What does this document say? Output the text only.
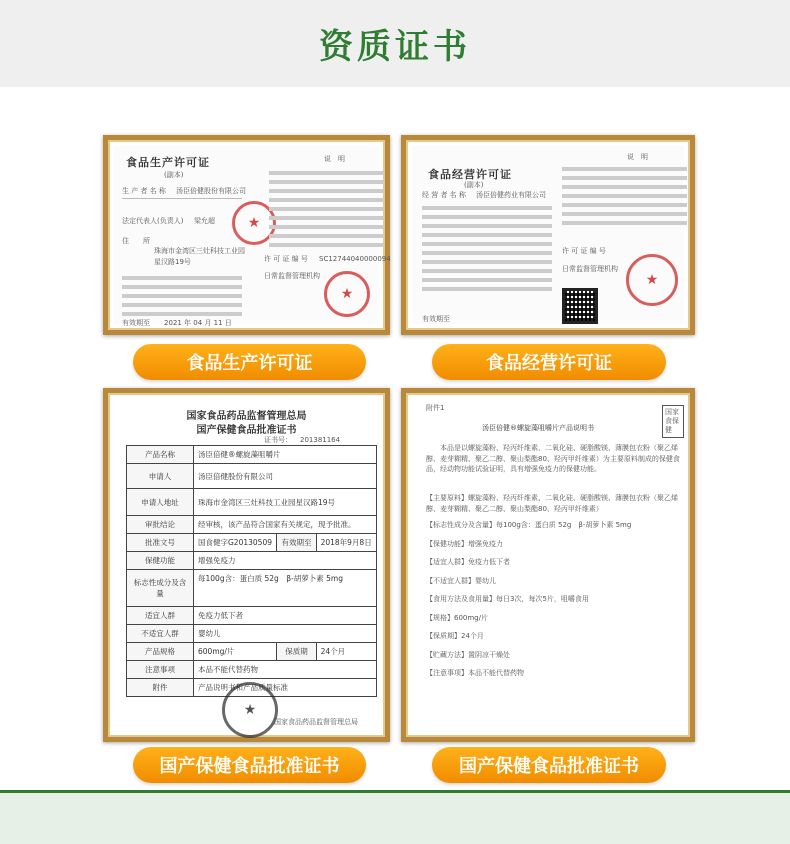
资质证书
食品生产许可证
(副本)
生 产 者 名 称 汤臣倍健股份有限公司
法定代表人(负责人) 梁允超
住　　所
珠海市金湾区三灶科技工业园星汉路19号
★
说　明
许 可 证 编 号 SC12744040000094
日常监督管理机构
★
有效期至 2021 年 04 月 11 日
食品生产许可证
食品经营许可证
(副本)
经 营 者 名 称 汤臣倍健药业有限公司
说　明
许 可 证 编 号
日常监督管理机构
★
有效期至
食品经营许可证
国家食品药品监督管理总局
国产保健食品批准证书
证书号： 201381164
产品名称	汤臣倍健®螺旋藻咀嚼片		
申请人	汤臣倍健股份有限公司		
申请人地址	珠海市金湾区三灶科技工业园星汉路19号		
审批结论	经审核，该产品符合国家有关规定，现予批准。		
批准文号	国食健字G20130509	有效期至	2018年9月8日
保健功能	增强免疫力		
标志性成分及含量	每100g含：蛋白质 52g　β-胡萝卜素 5mg		
适宜人群	免疫力低下者		
不适宜人群	婴幼儿		
产品规格	600mg/片	保质期	24个月
注意事项	本品不能代替药物		
附件	产品说明书和产品质量标准		
★
国家食品药品监督管理总局
国产保健食品批准证书
附件1	国家食保健
汤臣倍健®螺旋藻咀嚼片产品说明书
本品是以螺旋藻粉、羟丙纤维素、二氧化硅、硬脂酸镁、薄膜包衣粉（聚乙烯醇、麦芽糊精、聚乙二醇、聚山梨酯80、羟丙甲纤维素）为主要原料制成的保健食品，经动物功能试验证明，具有增强免疫力的保健功能。
【主要原料】螺旋藻粉、羟丙纤维素、二氧化硅、硬脂酸镁、薄膜包衣粉（聚乙烯醇、麦芽糊精、聚乙二醇、聚山梨酯80、羟丙甲纤维素）
【标志性成分及含量】每100g含：蛋白质 52g　β-胡萝卜素 5mg
【保健功能】增强免疫力
【适宜人群】免疫力低下者
【不适宜人群】婴幼儿
【食用方法及食用量】每日3次，每次5片，咀嚼食用
【规格】600mg/片
【保质期】24个月
【贮藏方法】置阴凉干燥处
【注意事项】本品不能代替药物
国产保健食品批准证书
